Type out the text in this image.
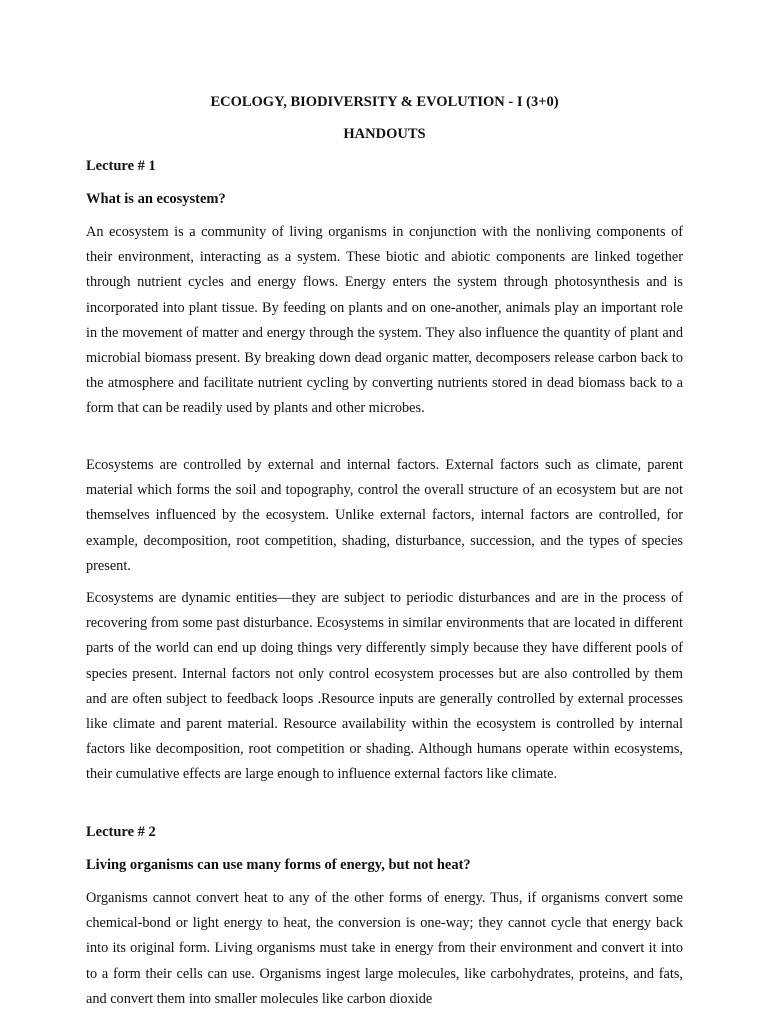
ECOLOGY, BIODIVERSITY & EVOLUTION - I (3+0)
HANDOUTS
Lecture # 1
What is an ecosystem?
An ecosystem is a community of living organisms in conjunction with the nonliving components of their environment, interacting as a system. These biotic and abiotic components are linked together through nutrient cycles and energy flows. Energy enters the system through photosynthesis and is incorporated into plant tissue. By feeding on plants and on one-another, animals play an important role in the movement of matter and energy through the system. They also influence the quantity of plant and microbial biomass present. By breaking down dead organic matter, decomposers release carbon back to the atmosphere and facilitate nutrient cycling by converting nutrients stored in dead biomass back to a form that can be readily used by plants and other microbes.
Ecosystems are controlled by external and internal factors. External factors such as climate, parent material which forms the soil and topography, control the overall structure of an ecosystem but are not themselves influenced by the ecosystem. Unlike external factors, internal factors are controlled, for example, decomposition, root competition, shading, disturbance, succession, and the types of species present.
Ecosystems are dynamic entities—they are subject to periodic disturbances and are in the process of recovering from some past disturbance. Ecosystems in similar environments that are located in different parts of the world can end up doing things very differently simply because they have different pools of species present. Internal factors not only control ecosystem processes but are also controlled by them and are often subject to feedback loops .Resource inputs are generally controlled by external processes like climate and parent material. Resource availability within the ecosystem is controlled by internal factors like decomposition, root competition or shading. Although humans operate within ecosystems, their cumulative effects are large enough to influence external factors like climate.
Lecture # 2
Living organisms can use many forms of energy, but not heat?
Organisms cannot convert heat to any of the other forms of energy. Thus, if organisms convert some chemical-bond or light energy to heat, the conversion is one-way; they cannot cycle that energy back into its original form. Living organisms must take in energy from their environment and convert it into to a form their cells can use. Organisms ingest large molecules, like carbohydrates, proteins, and fats, and convert them into smaller molecules like carbon dioxide
